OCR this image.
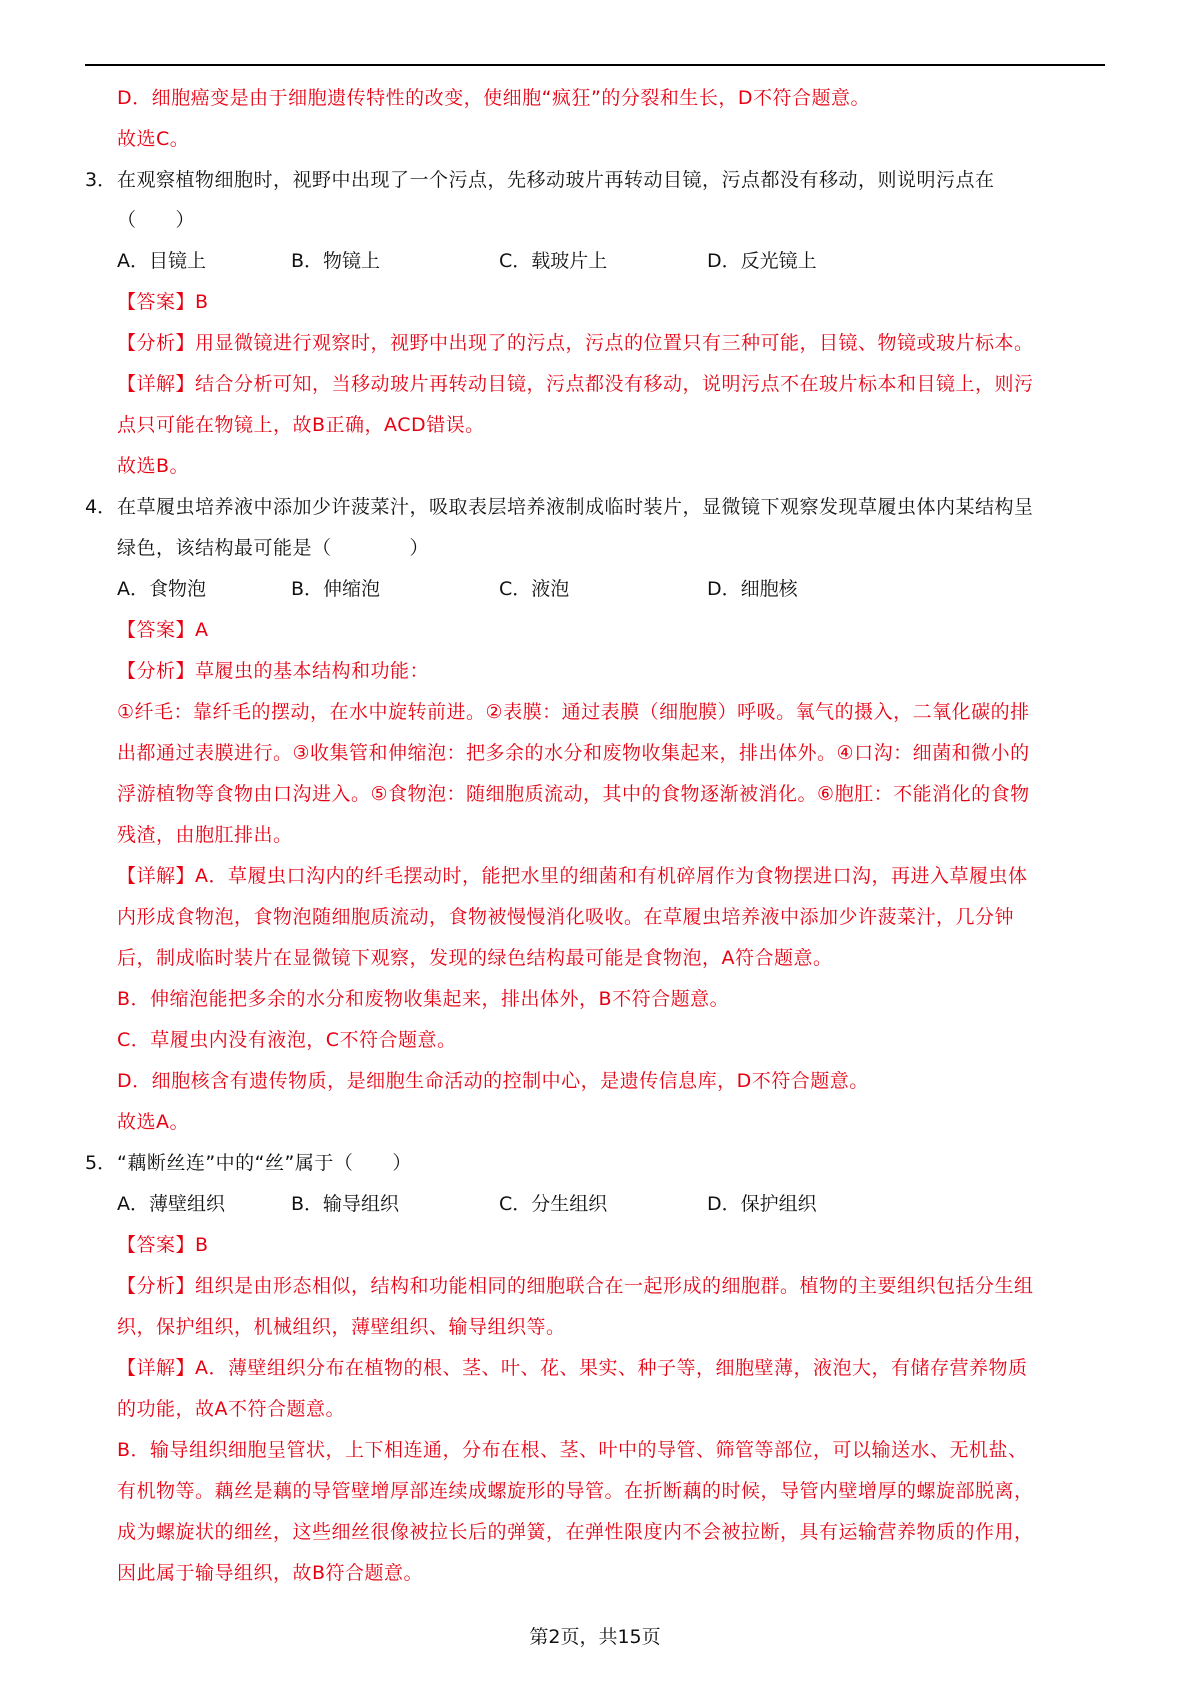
D．细胞癌变是由于细胞遗传特性的改变，使细胞“疯狂”的分裂和生长，D不符合题意。
故选C。
3． 在观察植物细胞时，视野中出现了一个污点，先移动玻片再转动目镜，污点都没有移动，则说明污点在
（　　）
A．目镜上	B．物镜上	C．载玻片上	D．反光镜上
【答案】B
【分析】用显微镜进行观察时，视野中出现了的污点，污点的位置只有三种可能，目镜、物镜或玻片标本。
【详解】结合分析可知，当移动玻片再转动目镜，污点都没有移动，说明污点不在玻片标本和目镜上，则污
点只可能在物镜上，故B正确，ACD错误。
故选B。
4． 在草履虫培养液中添加少许菠菜汁，吸取表层培养液制成临时装片，显微镜下观察发现草履虫体内某结构呈
绿色，该结构最可能是（　　　　）
A．食物泡	B．伸缩泡	C．液泡	D．细胞核
【答案】A
【分析】草履虫的基本结构和功能：
①纤毛：靠纤毛的摆动，在水中旋转前进。②表膜：通过表膜（细胞膜）呼吸。氧气的摄入，二氧化碳的排
出都通过表膜进行。③收集管和伸缩泡：把多余的水分和废物收集起来，排出体外。④口沟：细菌和微小的
浮游植物等食物由口沟进入。⑤食物泡：随细胞质流动，其中的食物逐渐被消化。⑥胞肛：不能消化的食物
残渣，由胞肛排出。
【详解】A．草履虫口沟内的纤毛摆动时，能把水里的细菌和有机碎屑作为食物摆进口沟，再进入草履虫体
内形成食物泡，食物泡随细胞质流动，食物被慢慢消化吸收。在草履虫培养液中添加少许菠菜汁，几分钟
后，制成临时装片在显微镜下观察，发现的绿色结构最可能是食物泡，A符合题意。
B．伸缩泡能把多余的水分和废物收集起来，排出体外，B不符合题意。
C．草履虫内没有液泡，C不符合题意。
D．细胞核含有遗传物质，是细胞生命活动的控制中心，是遗传信息库，D不符合题意。
故选A。
5． “藕断丝连”中的“丝”属于（　　）
A．薄壁组织	B．输导组织	C．分生组织	D．保护组织
【答案】B
【分析】组织是由形态相似，结构和功能相同的细胞联合在一起形成的细胞群。植物的主要组织包括分生组
织，保护组织，机械组织，薄壁组织、输导组织等。
【详解】A．薄壁组织分布在植物的根、茎、叶、花、果实、种子等，细胞壁薄，液泡大，有储存营养物质
的功能，故A不符合题意。
B．输导组织细胞呈管状，上下相连通，分布在根、茎、叶中的导管、筛管等部位，可以输送水、无机盐、
有机物等。藕丝是藕的导管壁增厚部连续成螺旋形的导管。在折断藕的时候，导管内壁增厚的螺旋部脱离，
成为螺旋状的细丝，这些细丝很像被拉长后的弹簧，在弹性限度内不会被拉断，具有运输营养物质的作用，
因此属于输导组织，故B符合题意。
第2页，共15页
